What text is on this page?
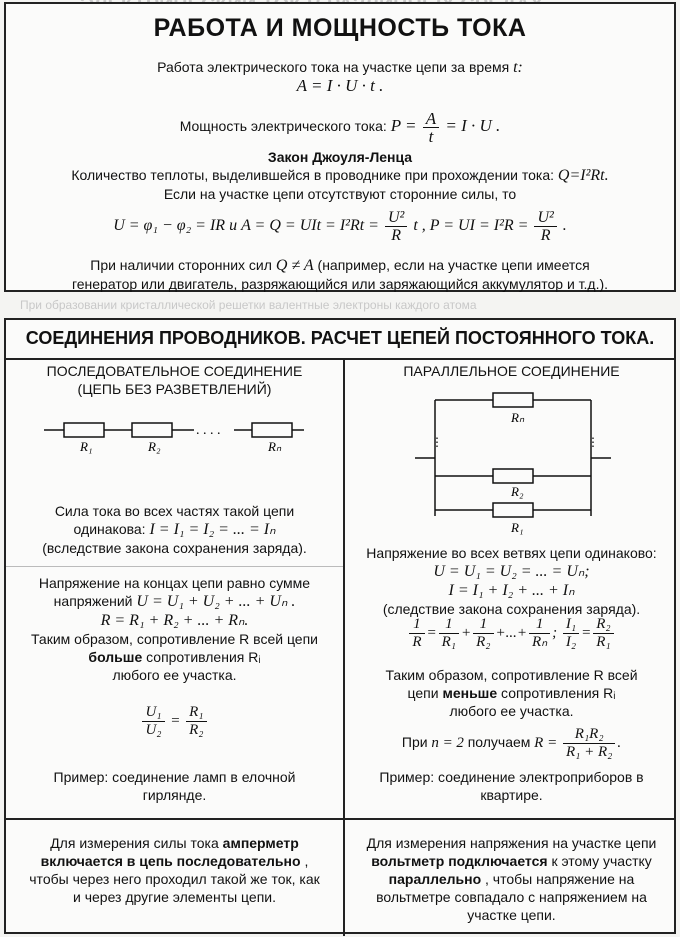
РАБОТА И МОЩНОСТЬ ТОКА
Работа электрического тока на участке цепи за время t:
A = I · U · t .
Мощность электрического тока: $P = \frac{A}{t} = I \cdot U$ .
Закон Джоуля-Ленца
Количество теплоты, выделившейся в проводнике при прохождении тока: Q=I²Rt.
Если на участке цепи отсутствуют сторонние силы, то
U = φ₁ − φ₂ = IR и A = Q = UIt = $I^2Rt = \frac{\text{U²}}{R}$ t , P = UI = $I^2R = \frac{\text{U²}}{R}$ .
При наличии сторонних сил Q ≠ A (например, если на участке цепи имеется
генератор или двигатель, разряжающийся или заряжающийся аккумулятор и т.д.).
При образовании кристаллической решетки валентные электроны каждого атома
СОЕДИНЕНИЯ ПРОВОДНИКОВ. РАСЧЕТ ЦЕПЕЙ ПОСТОЯННОГО ТОКА.
ПОСЛЕДОВАТЕЛЬНОЕ СОЕДИНЕНИЕ
(ЦЕПЬ БЕЗ РАЗВЕТВЛЕНИЙ)
. . . .
R₁	R₂	Rₙ
Сила тока во всех частях такой цепи
одинакова: I = I₁ = I₂ = ... = Iₙ
(вследствие закона сохранения заряда).
Напряжение на концах цепи равно сумме
напряжений U = U₁ + U₂ + ... + Uₙ .
R = R₁ + R₂ + ... + Rₙ.
Таким образом, сопротивление R всей цепи
больше сопротивления Rᵢ
любого ее участка.
$\frac{\text{U₁}}{\text{U₂}} = \frac{\text{R₁}}{\text{R₂}}$
Пример: соединение ламп в елочной
гирлянде.
Для измерения силы тока амперметр
включается в цепь последовательно ,
чтобы через него проходил такой же ток, как
и через другие элементы цепи.
ПАРАЛЛЕЛЬНОЕ СОЕДИНЕНИЕ
Rₙ
⋮	⋮
R₂
R₁
Напряжение во всех ветвях цепи одинаково:
U = U₁ = U₂ = ... = Uₙ;
I = I₁ + I₂ + ... + Iₙ
(следствие закона сохранения заряда).
$\frac{1}{R} = \frac{1}{\text{R₁}} + \frac{1}{\text{R₂}}$ +...+ $\frac{1}{\text{Rₙ}}$ ; $\frac{\text{I₁}}{\text{I₂}} = \frac{\text{R₂}}{\text{R₁}}$
Таким образом, сопротивление R всей
цепи меньше сопротивления Rᵢ
любого ее участка.
При n = 2 получаем $R = \frac{\text{R₁R₂}}{\text{R₁ + R₂}}$ .
Пример: соединение электроприборов в
квартире.
Для измерения напряжения на участке цепи
вольтметр подключается к этому участку
параллельно , чтобы напряжение на
вольтметре совпадало с напряжением на
участке цепи.
